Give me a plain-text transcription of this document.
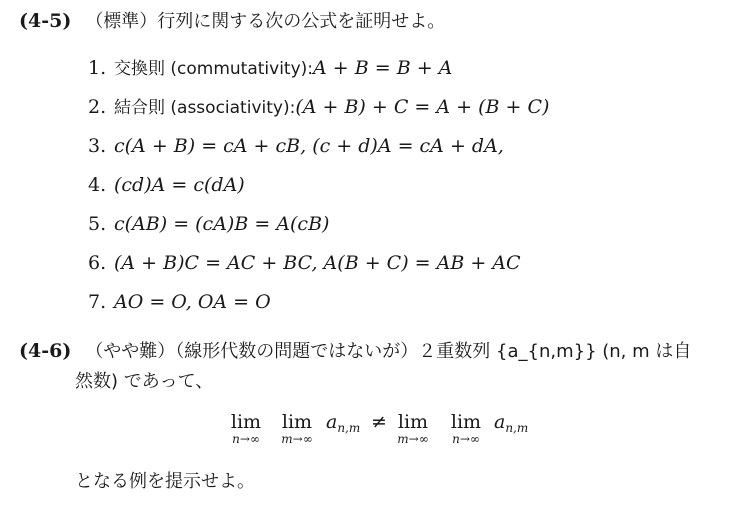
(4-5) （標準）行列に関する次の公式を証明せよ。
1. 交換則 (commutativity):A + B = B + A
2. 結合則 (associativity):(A + B) + C = A + (B + C)
3. c(A + B) = cA + cB, (c + d)A = cA + dA,
4. (cd)A = c(dA)
5. c(AB) = (cA)B = A(cB)
6. (A + B)C = AC + BC, A(B + C) = AB + AC
7. AO = O, OA = O
(4-6) （やや難）（線形代数の問題ではないが）２重数列 {a_{n,m}} (n, m は自
然数) であって、
lim
n→∞
lim
m→∞
$a_{n,m} \ne \lim$
m→∞
lim
n→∞
$a_{n,m}$
となる例を提示せよ。
